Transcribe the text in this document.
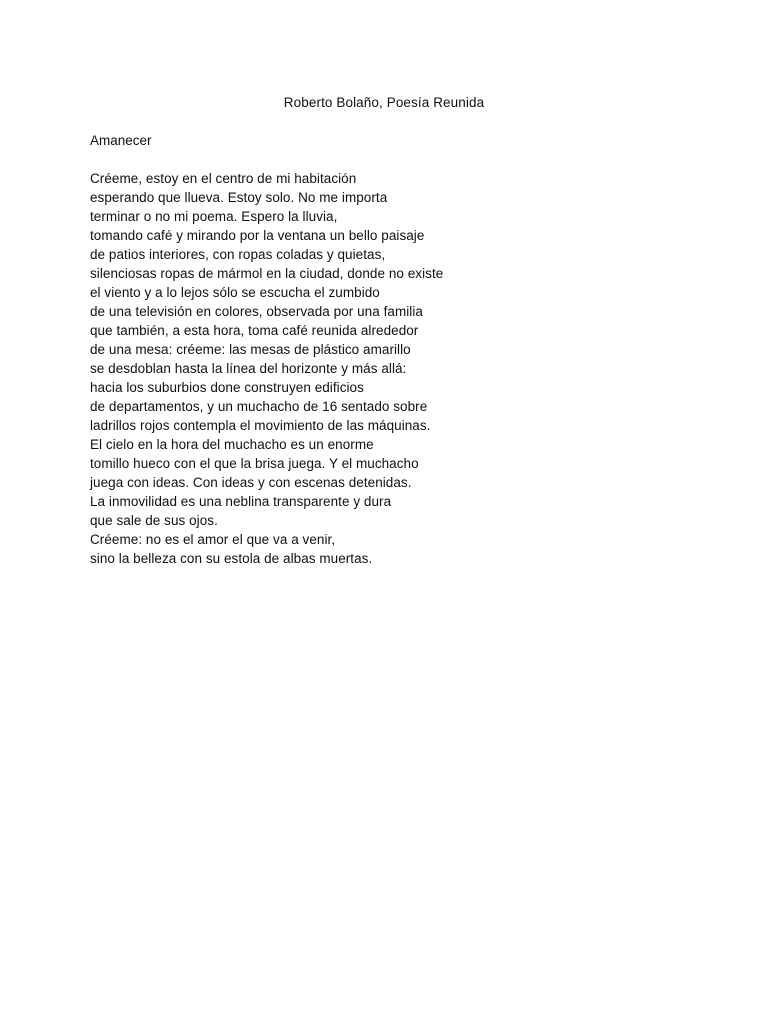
Roberto Bolaño, Poesía Reunida
Amanecer
Créeme, estoy en el centro de mi habitación
esperando que llueva. Estoy solo. No me importa
terminar o no mi poema. Espero la lluvia,
tomando café y mirando por la ventana un bello paisaje
de patios interiores, con ropas coladas y quietas,
silenciosas ropas de mármol en la ciudad, donde no existe
el viento y a lo lejos sólo se escucha el zumbido
de una televisión en colores, observada por una familia
que también, a esta hora, toma café reunida alrededor
de una mesa: créeme: las mesas de plástico amarillo
se desdoblan hasta la línea del horizonte y más allá:
hacia los suburbios done construyen edificios
de departamentos, y un muchacho de 16 sentado sobre
ladrillos rojos contempla el movimiento de las máquinas.
El cielo en la hora del muchacho es un enorme
tomillo hueco con el que la brisa juega. Y el muchacho
juega con ideas. Con ideas y con escenas detenidas.
La inmovilidad es una neblina transparente y dura
que sale de sus ojos.
Créeme: no es el amor el que va a venir,
sino la belleza con su estola de albas muertas.
